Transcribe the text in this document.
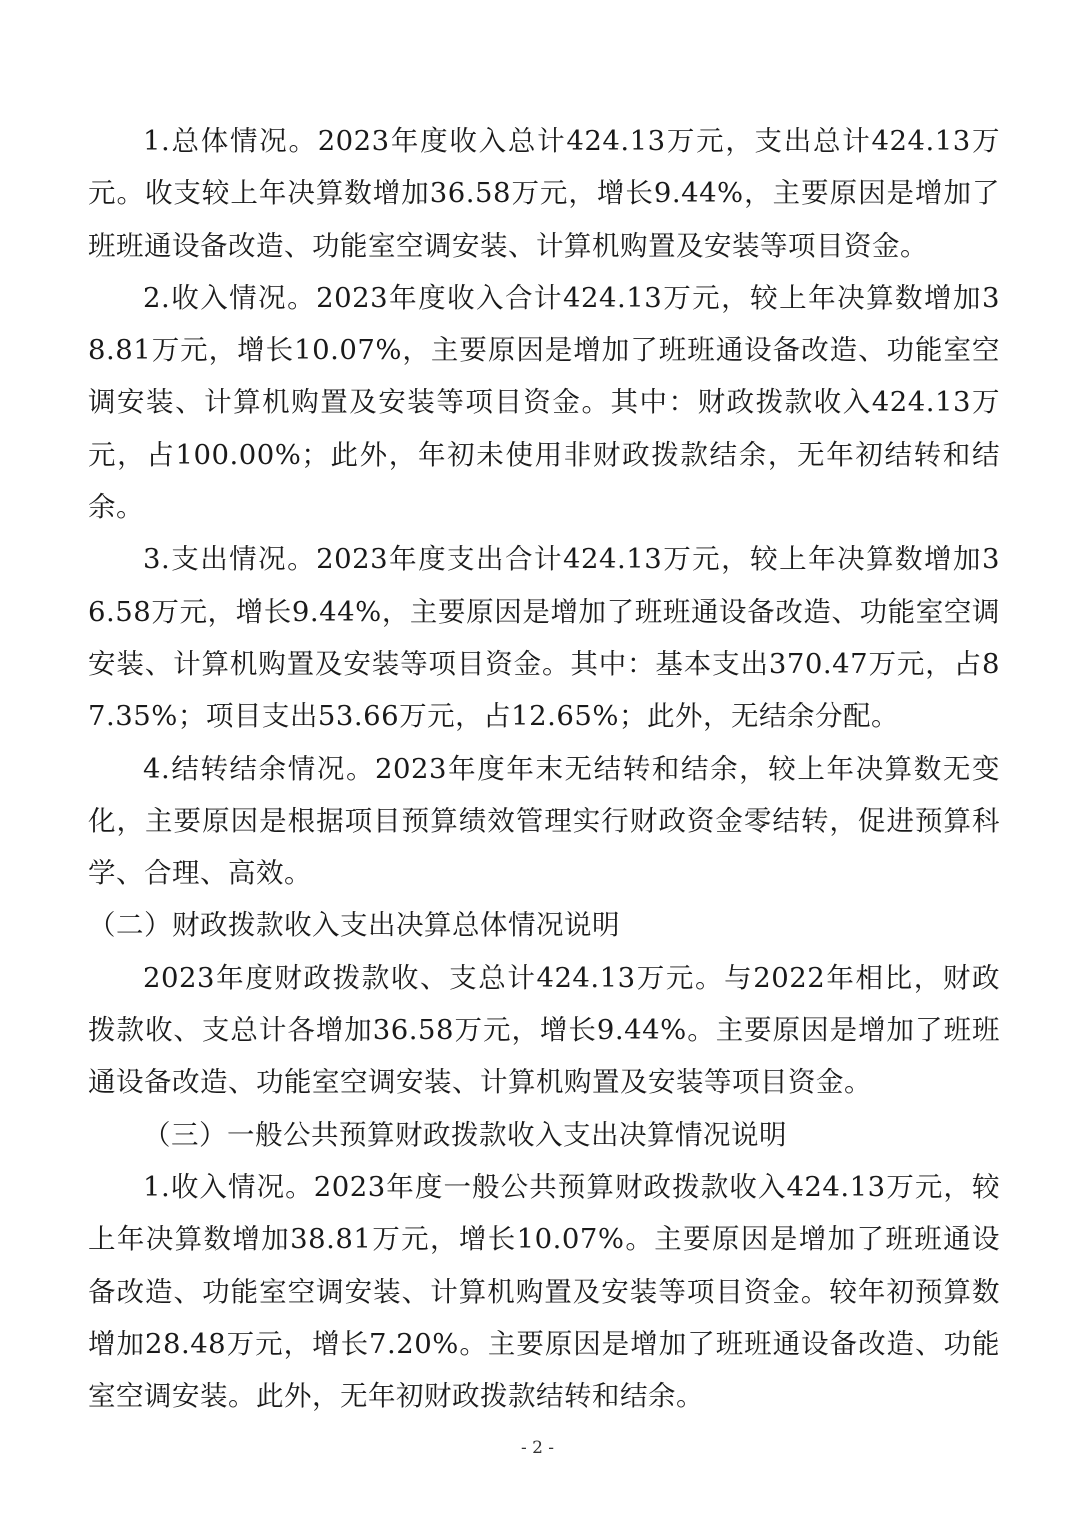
1.总体情况。2023年度收入总计424.13万元，支出总计424.13万元。收支较上年决算数增加36.58万元，增长9.44%，主要原因是增加了班班通设备改造、功能室空调安装、计算机购置及安装等项目资金。

2.收入情况。2023年度收入合计424.13万元，较上年决算数增加38.81万元，增长10.07%，主要原因是增加了班班通设备改造、功能室空调安装、计算机购置及安装等项目资金。其中：财政拨款收入424.13万元，占100.00%；此外，年初未使用非财政拨款结余，无年初结转和结余。

3.支出情况。2023年度支出合计424.13万元，较上年决算数增加36.58万元，增长9.44%，主要原因是增加了班班通设备改造、功能室空调安装、计算机购置及安装等项目资金。其中：基本支出370.47万元，占87.35%；项目支出53.66万元，占12.65%；此外，无结余分配。

4.结转结余情况。2023年度年末无结转和结余，较上年决算数无变化，主要原因是根据项目预算绩效管理实行财政资金零结转，促进预算科学、合理、高效。

（二）财政拨款收入支出决算总体情况说明

2023年度财政拨款收、支总计424.13万元。与2022年相比，财政拨款收、支总计各增加36.58万元，增长9.44%。主要原因是增加了班班通设备改造、功能室空调安装、计算机购置及安装等项目资金。

（三）一般公共预算财政拨款收入支出决算情况说明

1.收入情况。2023年度一般公共预算财政拨款收入424.13万元，较上年决算数增加38.81万元，增长10.07%。主要原因是增加了班班通设备改造、功能室空调安装、计算机购置及安装等项目资金。较年初预算数增加28.48万元，增长7.20%。主要原因是增加了班班通设备改造、功能室空调安装。此外，无年初财政拨款结转和结余。

- 2 -
